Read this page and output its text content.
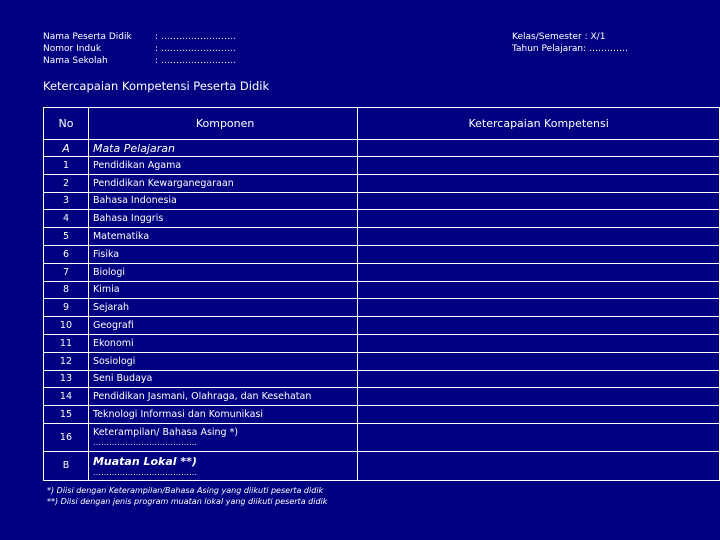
Nama Peserta Didik	: …………………….
Nomor Induk	: …………………….
Nama Sekolah	: …………………….
Kelas/Semester : X/1
Tahun Pelajaran: ………….
Ketercapaian Kompetensi Peserta Didik
No	Komponen	Ketercapaian Kompetensi
A	Mata Pelajaran	
1	Pendidikan Agama	
2	Pendidikan Kewarganegaraan	
3	Bahasa Indonesia	
4	Bahasa Inggris	
5	Matematika	
6	Fisika	
7	Biologi	
8	Kimia	
9	Sejarah	
10	Geografi	
11	Ekonomi	
12	Sosiologi	
13	Seni Budaya	
14	Pendidikan Jasmani, Olahraga, dan Kesehatan	
15	Teknologi Informasi dan Komunikasi	
16	Keterampilan/ Bahasa Asing *)
…………………………………	

B	Muatan Lokal **)
…………………………………	

*) Diisi dengan Keterampilan/Bahasa Asing yang diikuti peserta didik
**) Diisi dengan jenis program muatan lokal yang diikuti peserta didik
